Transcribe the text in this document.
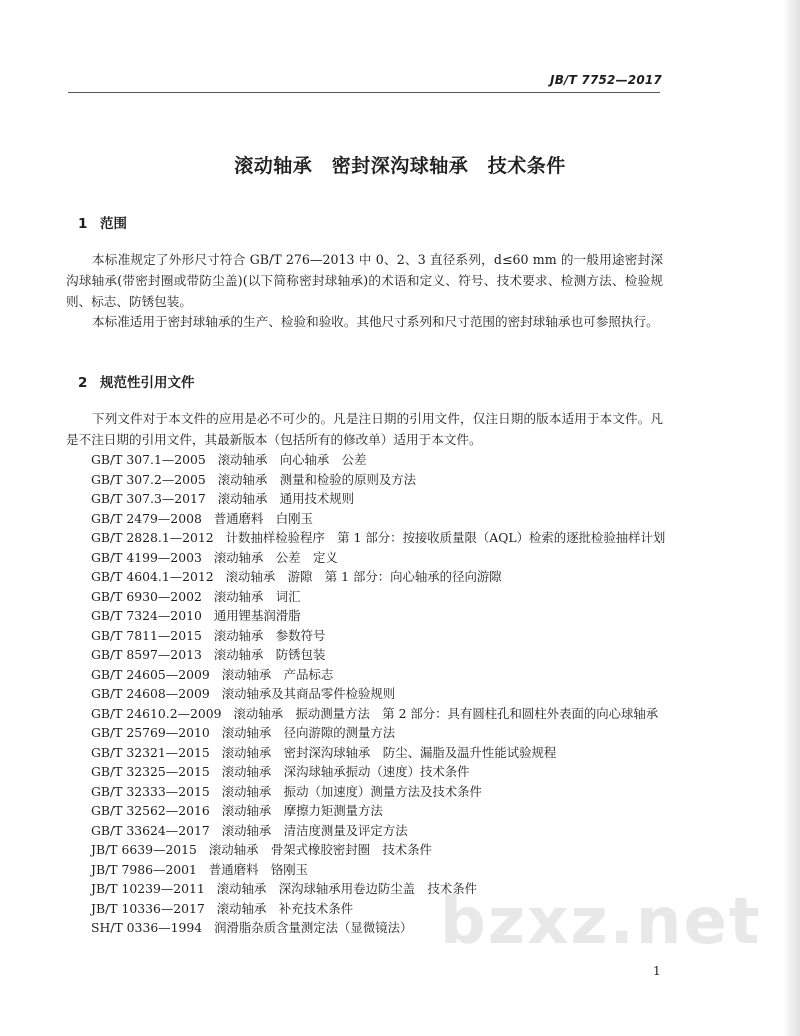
JB/T 7752—2017
滚动轴承　密封深沟球轴承　技术条件
1 范围
本标准规定了外形尺寸符合 GB/T 276—2013 中 0、2、3 直径系列，d≤60 mm 的一般用途密封深沟球轴承(带密封圈或带防尘盖)(以下简称密封球轴承)的术语和定义、符号、技术要求、检测方法、检验规则、标志、防锈包装。
本标准适用于密封球轴承的生产、检验和验收。其他尺寸系列和尺寸范围的密封球轴承也可参照执行。
2 规范性引用文件
下列文件对于本文件的应用是必不可少的。凡是注日期的引用文件，仅注日期的版本适用于本文件。凡是不注日期的引用文件，其最新版本（包括所有的修改单）适用于本文件。
GB/T 307.1—2005 滚动轴承　向心轴承　公差
GB/T 307.2—2005 滚动轴承　测量和检验的原则及方法
GB/T 307.3—2017 滚动轴承　通用技术规则
GB/T 2479—2008 普通磨料　白刚玉
GB/T 2828.1—2012 计数抽样检验程序　第 1 部分：按接收质量限（AQL）检索的逐批检验抽样计划
GB/T 4199—2003 滚动轴承　公差　定义
GB/T 4604.1—2012 滚动轴承　游隙　第 1 部分：向心轴承的径向游隙
GB/T 6930—2002 滚动轴承　词汇
GB/T 7324—2010 通用锂基润滑脂
GB/T 7811—2015 滚动轴承　参数符号
GB/T 8597—2013 滚动轴承　防锈包装
GB/T 24605—2009 滚动轴承　产品标志
GB/T 24608—2009 滚动轴承及其商品零件检验规则
GB/T 24610.2—2009 滚动轴承　振动测量方法　第 2 部分：具有圆柱孔和圆柱外表面的向心球轴承
GB/T 25769—2010 滚动轴承　径向游隙的测量方法
GB/T 32321—2015 滚动轴承　密封深沟球轴承　防尘、漏脂及温升性能试验规程
GB/T 32325—2015 滚动轴承　深沟球轴承振动（速度）技术条件
GB/T 32333—2015 滚动轴承　振动（加速度）测量方法及技术条件
GB/T 32562—2016 滚动轴承　摩擦力矩测量方法
GB/T 33624—2017 滚动轴承　清洁度测量及评定方法
JB/T 6639—2015 滚动轴承　骨架式橡胶密封圈　技术条件
JB/T 7986—2001 普通磨料　铬刚玉
JB/T 10239—2011 滚动轴承　深沟球轴承用卷边防尘盖　技术条件
JB/T 10336—2017 滚动轴承　补充技术条件
SH/T 0336—1994 润滑脂杂质含量测定法（显微镜法） bzxz.net
1
